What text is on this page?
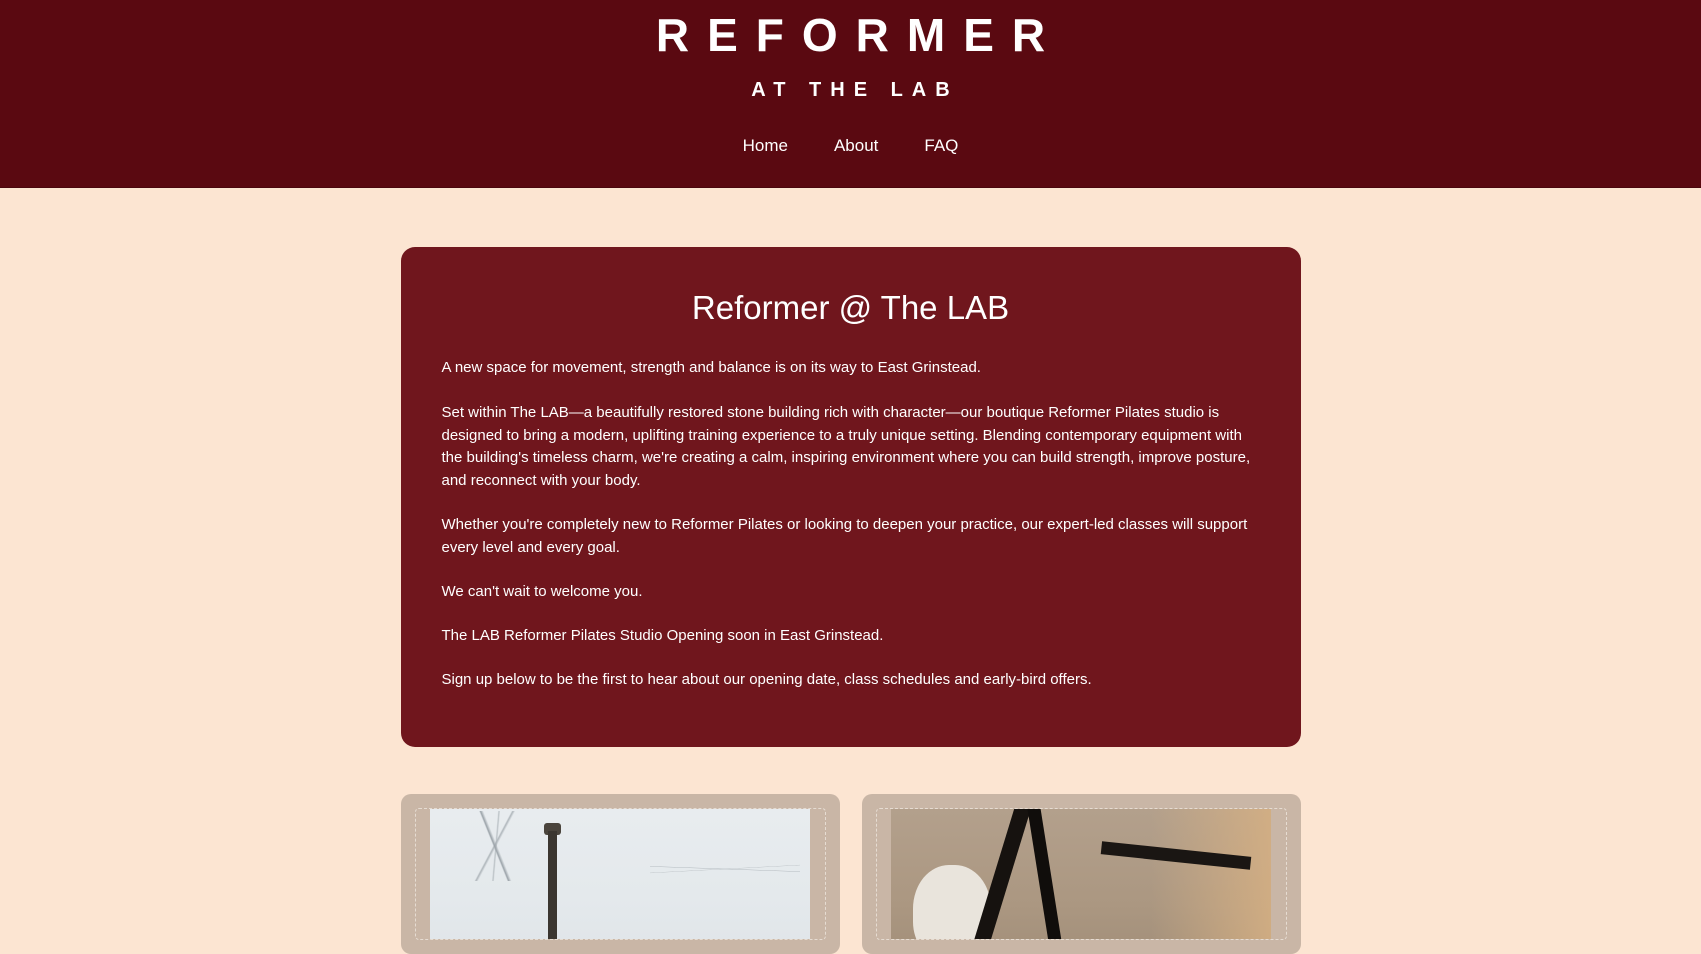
REFORMER
AT THE LAB
Home	About	FAQ
Reformer @ The LAB

A new space for movement, strength and balance is on its way to East Grinstead.

Set within The LAB—a beautifully restored stone building rich with character—our boutique Reformer Pilates studio is designed to bring a modern, uplifting training experience to a truly unique setting. Blending contemporary equipment with the building's timeless charm, we're creating a calm, inspiring environment where you can build strength, improve posture, and reconnect with your body.

Whether you're completely new to Reformer Pilates or looking to deepen your practice, our expert-led classes will support every level and every goal.

We can't wait to welcome you.

The LAB Reformer Pilates Studio Opening soon in East Grinstead.

Sign up below to be the first to hear about our opening date, class schedules and early-bird offers.
